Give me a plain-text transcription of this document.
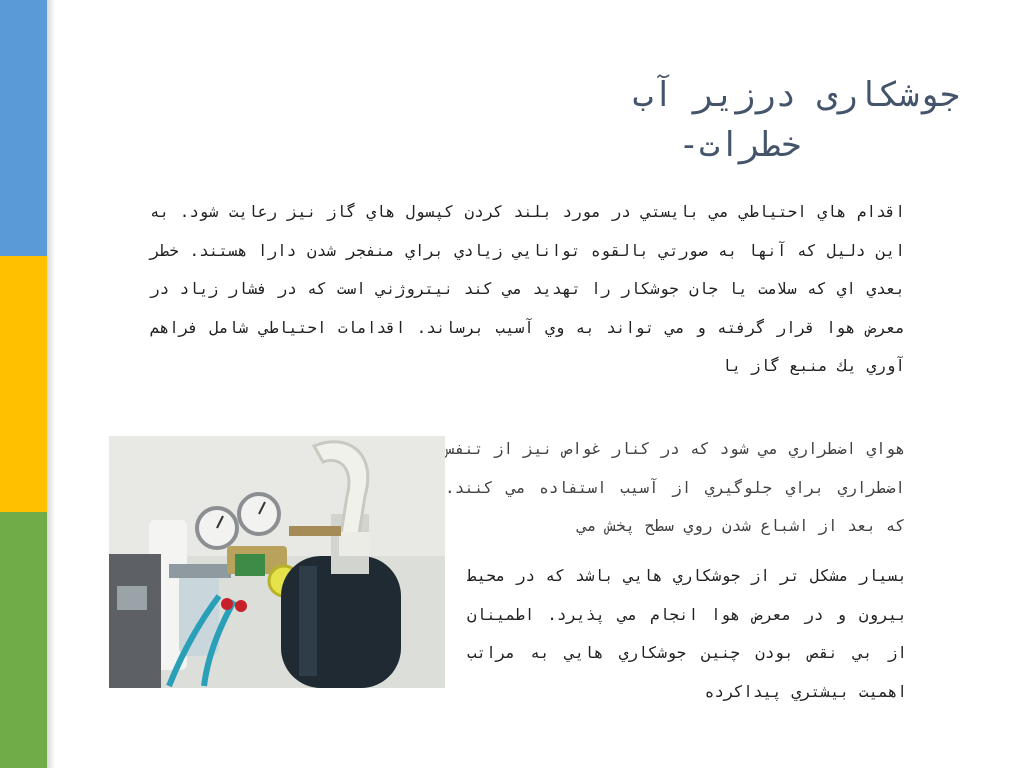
جوشکاری درزیر آب
خطرات-

اقدام هاي احتياطي مي بايستي در مورد بلند كردن كپسول هاي گاز نيز رعايت شود. به اين دليل كه آنها به صورتي بالقوه توانايي زيادي براي منفجر شدن دارا هستند. خطر بعدي اي كه سلامت يا جان جوشكار را تهديد مي كند نيتروژني است كه در فشار زياد در معرض هوا قرار گرفته و مي تواند به وي آسيب برساند. اقدامات احتياطي شامل فراهم آوري يك منبع گاز يا

هواي اضطراري مي شود كه در كنار غواص نيز از تنفس اضطراري براي جلوگيري از آسيب استفاده مي كنند. كه بعد از اشباع شدن روي سطح پخش مي

بسيار مشكل تر از جوشكاري هايي باشد كه در محيط بيرون و در معرض هوا انجام مي پذيرد. اطمينان از بي نقص بودن چنين جوشكاري هايي به مراتب اهميت بيشتري پيداكرده
